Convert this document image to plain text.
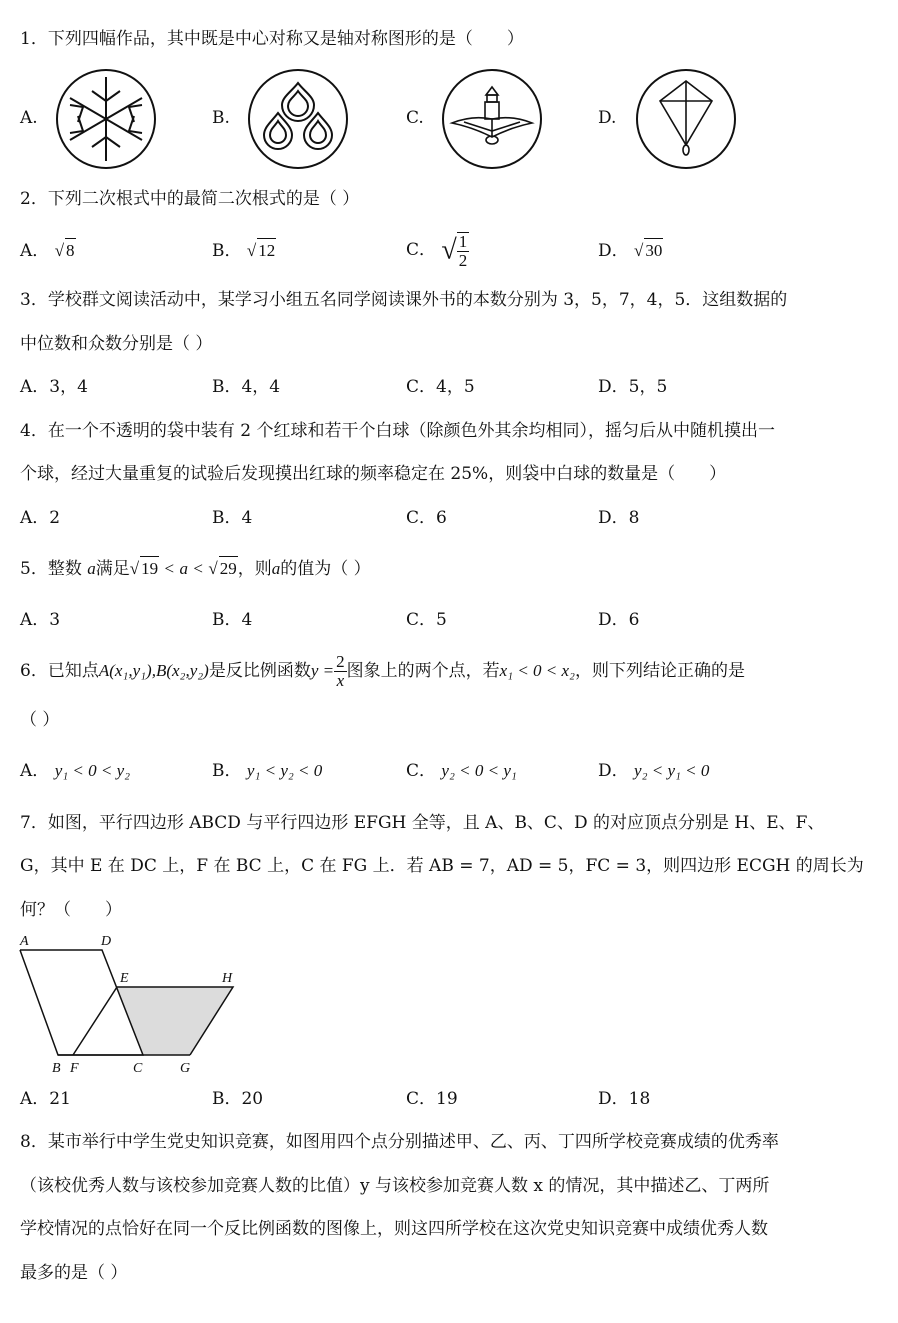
1．下列四幅作品，其中既是中心对称又是轴对称图形的是（　　）
A.	B.	C.	D.
2．下列二次根式中的最简二次根式的是（ ）
A． √ 8	B． √ 12	C． √ $\frac{1}{2}$	D． √ 30
3．学校群文阅读活动中，某学习小组五名同学阅读课外书的本数分别为 3，5，7，4，5．这组数据的
中位数和众数分别是（ ）
A．3，4	B．4，4	C．4，5	D．5，5
4．在一个不透明的袋中装有 2 个红球和若干个白球（除颜色外其余均相同），摇匀后从中随机摸出一
个球，经过大量重复的试验后发现摸出红球的频率稳定在 25%，则袋中白球的数量是（　　）
A．2	B．4	C．6	D．8
5．整数 a满足√ 19 < a < √ 29，则a的值为（ ）
A．3	B．4	C．5	D．6
6．已知点A(x₁,y₁),B(x₂,y₂)是反比例函数$y = \frac{2}{x}$ 图象上的两个点，若x₁ < 0 < x₂，则下列结论正确的是
（ ）
A． y₁ < 0 < y₂	B． y₁ < y₂ < 0	C． y₂ < 0 < y₁	D． y₂ < y₁ < 0
7．如图，平行四边形 ABCD 与平行四边形 EFGH 全等，且 A、B、C、D 的对应顶点分别是 H、E、F、
G，其中 E 在 DC 上，F 在 BC 上，C 在 FG 上．若 AB = 7，AD = 5，FC = 3，则四边形 ECGH 的周长为
何？（　　）
A	D
E	H
B F	C	G
A．21	B．20	C．19	D．18
8．某市举行中学生党史知识竞赛，如图用四个点分别描述甲、乙、丙、丁四所学校竞赛成绩的优秀率
（该校优秀人数与该校参加竞赛人数的比值）y 与该校参加竞赛人数 x 的情况，其中描述乙、丁两所
学校情况的点恰好在同一个反比例函数的图像上，则这四所学校在这次党史知识竞赛中成绩优秀人数
最多的是（ ）
